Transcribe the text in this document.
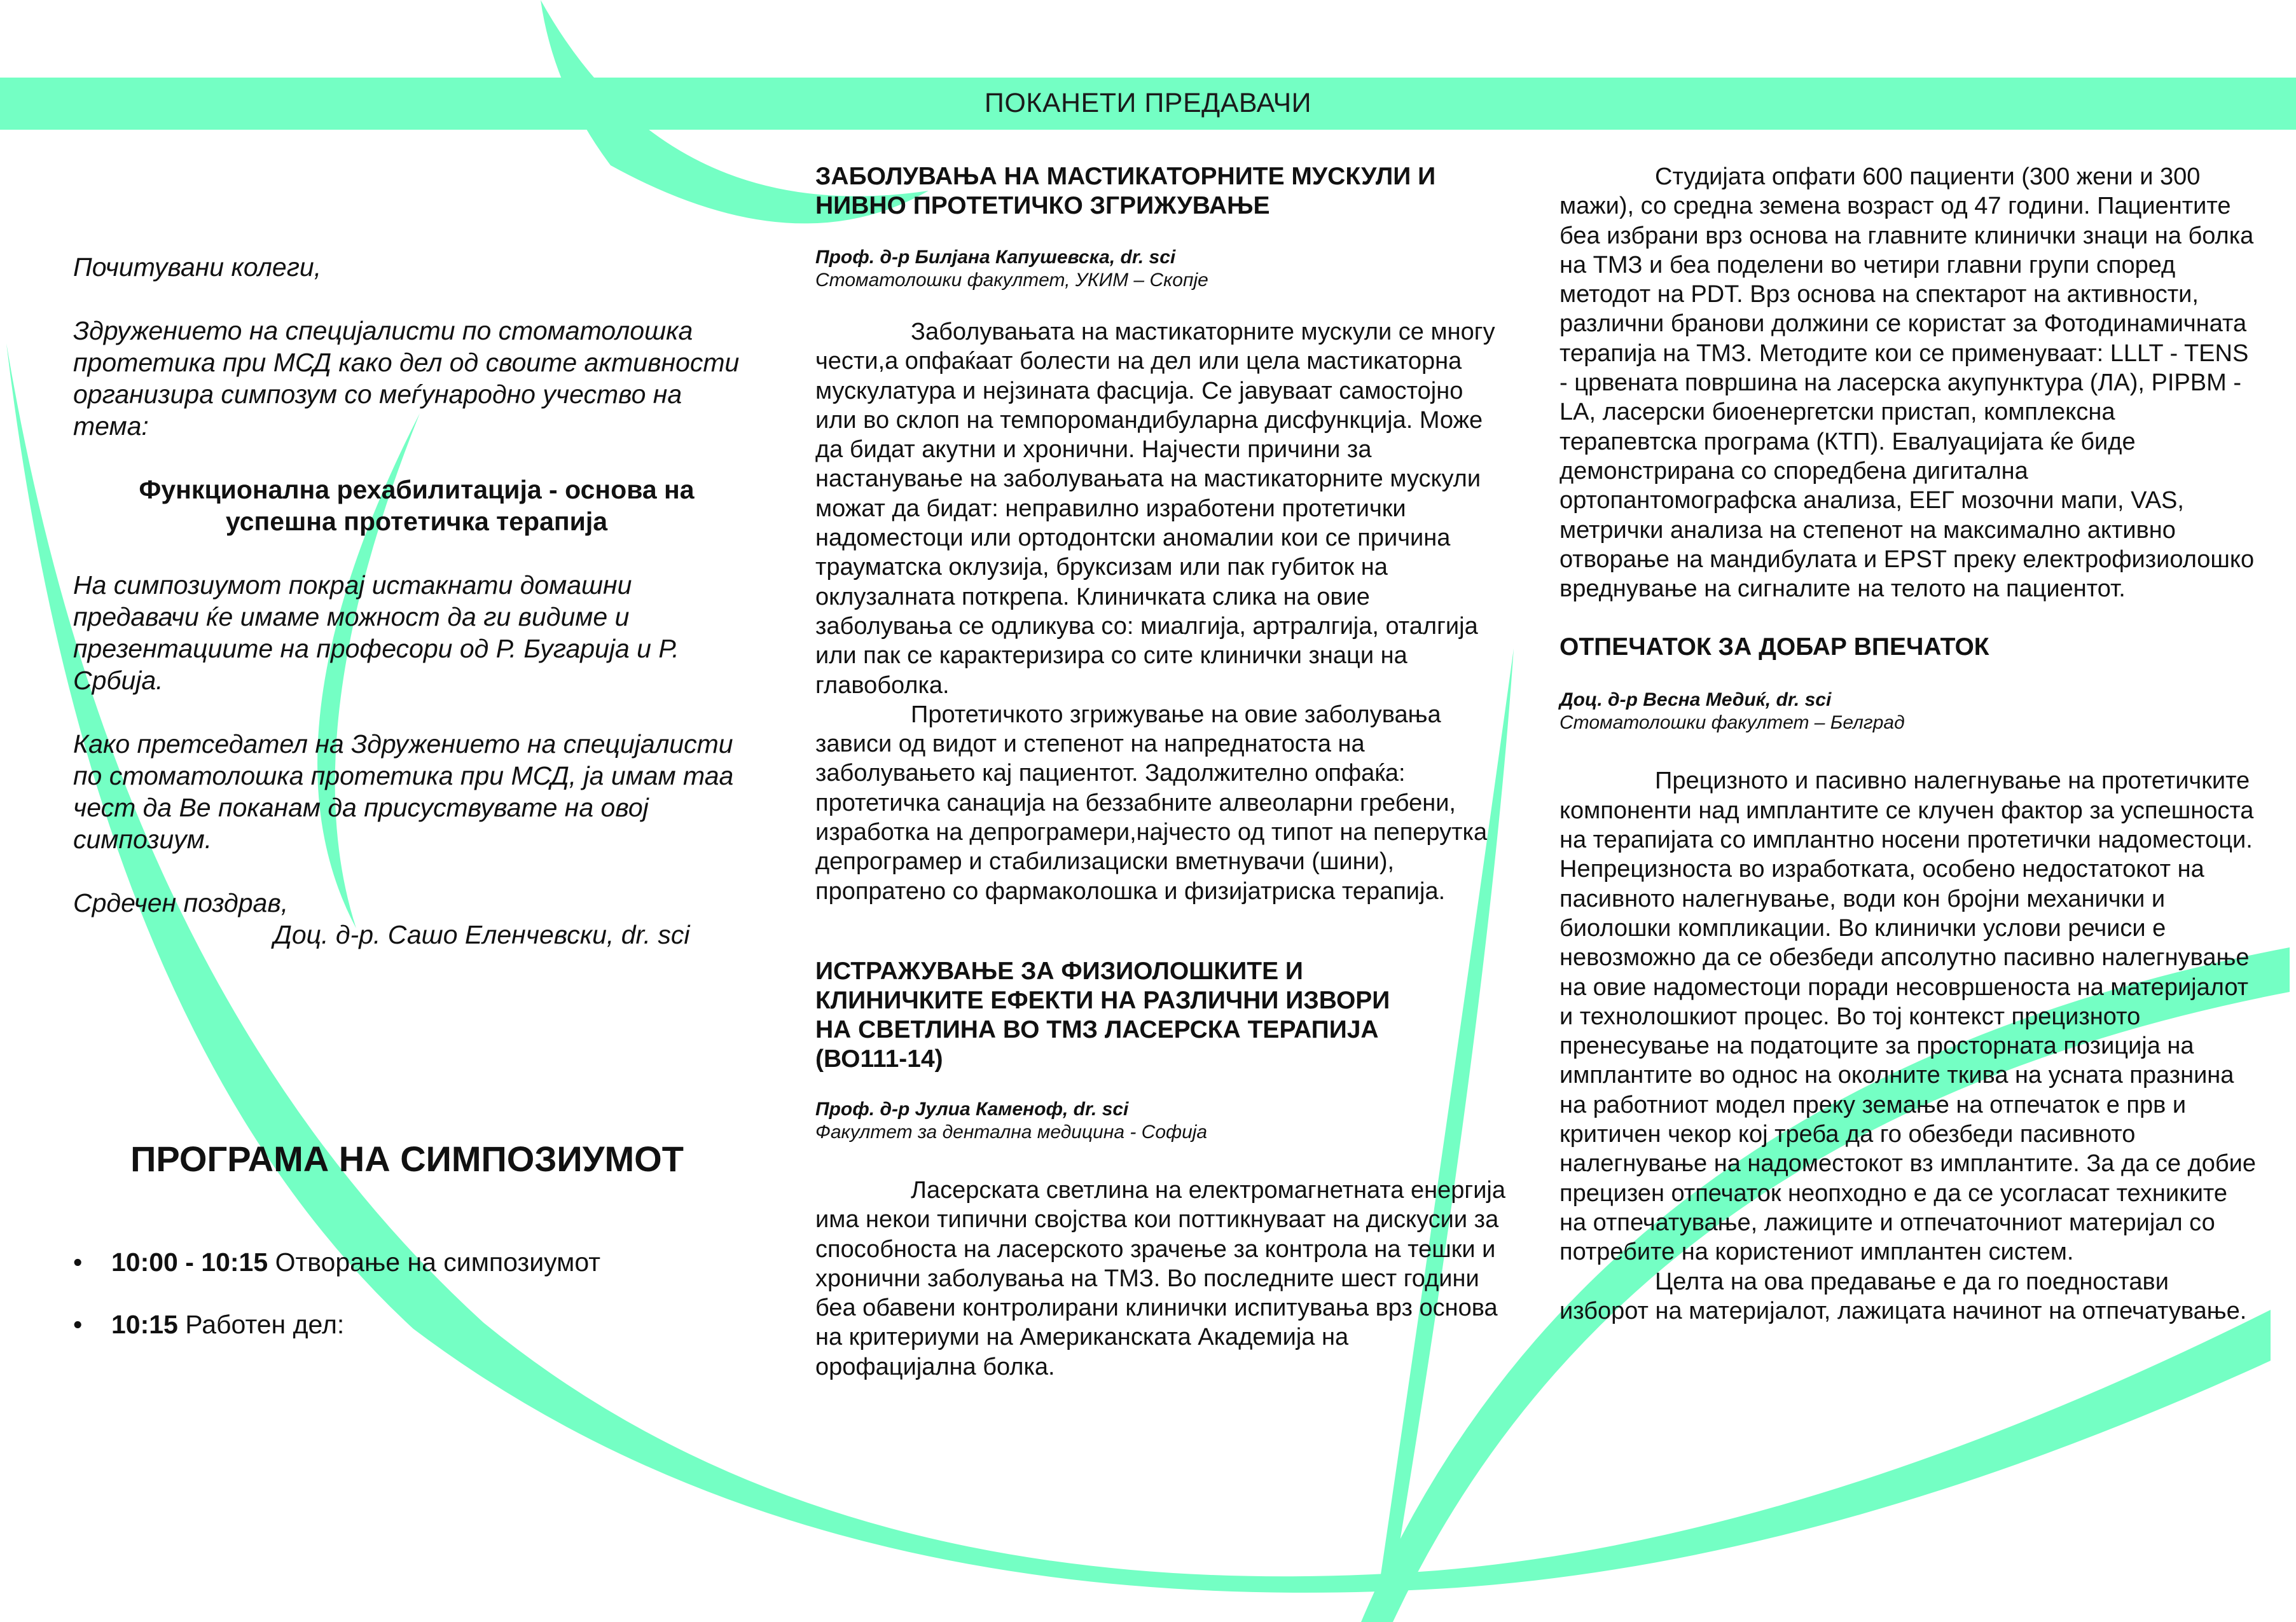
ПОКАНЕТИ ПРЕДАВАЧИ

Почитувани колеги,

Здружението на специјалисти по стоматолошка протетика при МСД како дел од своите активности организира симпозум со меѓународно учество на тема:

Функционална рехабилитација - основа на
успешна протетичка терапија

На симпозиумот покрај истакнати домашни предавачи ќе имаме можност да ги видиме и презентациите на професори од Р. Бугарија и Р. Србија.

Како претседател на Здружението на специјалисти по стоматолошка протетика при МСД, ја имам таа чест да Ве поканам да присуствувате на овој симпозиум.

Срдечен поздрав,

Доц. д-р. Сашо Еленчевски, dr. sci
ПРОГРАМА НА СИМПОЗИУМОТ
• 10:00 - 10:15 Отворање на симпозиумот
• 10:15 Работен дел:
ЗАБОЛУВАЊА НА МАСТИКАТОРНИТЕ МУСКУЛИ И
НИВНО ПРОТЕТИЧКО ЗГРИЖУВАЊЕ

Проф. д-р Билјана Капушевска, dr. sci

Стоматолошки факултет, УКИМ – Скопје

Заболувањата на мастикаторните мускули се многу чести,а опфаќаат болести на дел или цела мастикаторна мускулатура и нејзината фасција. Се јавуваат самостојно или во склоп на темпоромандибуларна дисфункција. Може да бидат акутни и хронични. Најчести причини за настанување на заболувањата на мастикаторните мускули можат да бидат: неправилно изработени протетички надоместоци или ортодонтски аномалии кои се причина трауматска оклузија, бруксизам или пак губиток на оклузалната поткрепа. Клиничката слика на овие заболувања се одликува со: миалгија, артралгија, оталгија или пак се карактеризира со сите клинички знаци на главоболка.

Протетичкото згрижување на овие заболувања зависи од видот и степенот на напреднатоста на заболувањето кај пациентот. Задолжително опфаќа: протетичка санација на беззабните алвеоларни гребени, изработка на депрограмери,најчесто од типот на пеперутка депрограмер и стабилизациски вметнувачи (шини), пропратено со фармаколошка и физијатриска терапија.

ИСТРАЖУВАЊЕ ЗА ФИЗИОЛОШКИТЕ И
КЛИНИЧКИТЕ ЕФЕКТИ НА РАЗЛИЧНИ ИЗВОРИ
НА СВЕТЛИНА ВО ТМЗ ЛАСЕРСКА ТЕРАПИЈА
(ВО111-14)

Проф. д-р Јулиа Каменоф, dr. sci

Факултет за дентална медицина - Софија

Ласерската светлина на електромагнетната енергија има некои типични својства кои поттикнуваат на дискусии за способноста на ласерското зрачење за контрола на тешки и хронични заболувања на ТМЗ. Во последните шест години беа обавени контролирани клинички испитувања врз основа на критериуми на Американската Академија на орофацијална болка.

Студијата опфати 600 пациенти (300 жени и 300 мажи), со средна земена возраст од 47 години. Пациентите беа избрани врз основа на главните клинички знаци на болка на ТМЗ и беа поделени во четири главни групи според методот на PDT. Врз основа на спектарот на активности, различни бранови должини се користат за Фотодинамичната терапија на ТМЗ. Методите кои се применуваат: LLLT - TENS - црвената површина на ласерска акупунктура (ЛА), PIPBM - LA, ласерски биоенергетски пристап, комплексна терапевтска програма (КТП). Евалуацијата ќе биде демонстрирана со споредбена дигитална ортопантомографска анализа, ЕЕГ мозочни мапи, VAS, метрички анализа на степенот на максимално активно отворање на мандибулата и EPST преку електрофизиолошко вреднување на сигналите на телото на пациентот.

ОТПЕЧАТОК ЗА ДОБАР ВПЕЧАТОК

Доц. д-р Весна Медиќ, dr. sci

Стоматолошки факултет – Белград

Прецизното и пасивно налегнување на протетичките компоненти над имплантите се клучен фактор за успешноста на терапијата со имплантно носени протетички надоместоци. Непрецизноста во изработката, особено недостатокот на пасивното налегнување, води кон бројни механички и биолошки компликации. Во клинички услови речиси е невозможно да се обезбеди апсолутно пасивно налегнување на овие надоместоци поради несовршеноста на материјалот и технолошкиот процес. Во тој контекст прецизното пренесување на податоците за просторната позиција на имплантите во однос на околните ткива на усната празнина на работниот модел преку земање на отпечаток е прв и критичен чекор кој треба да го обезбеди пасивното налегнување на надоместокот вз имплантите. За да се добие прецизен отпечаток неопходно е да се усогласат техниките на отпечатување, лажиците и отпечаточниот материјал со потребите на користениот имплантен систем.

Целта на ова предавање е да го поедностави изборот на материјалот, лажицата начинот на отпечатување.
